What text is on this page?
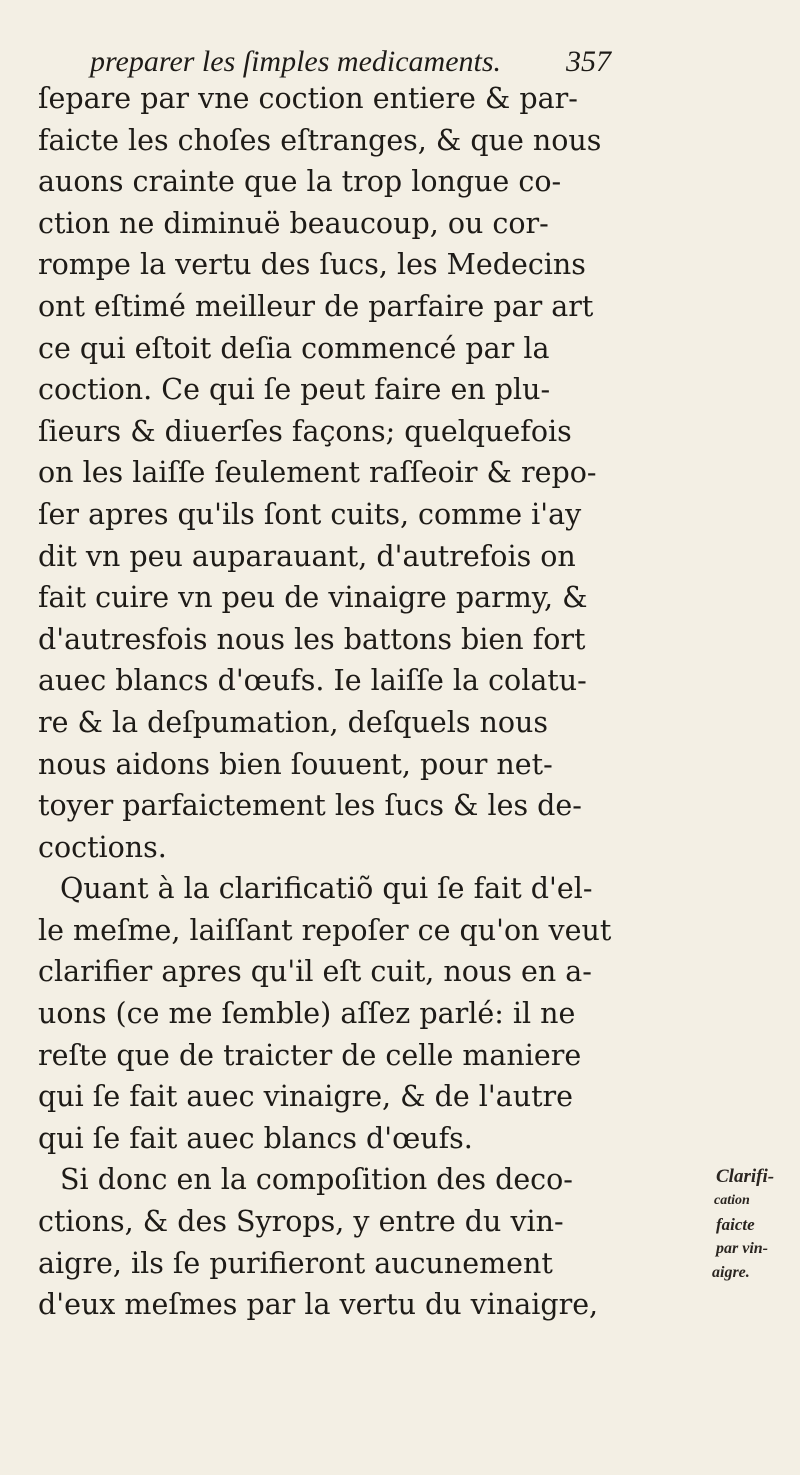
preparer les ſimples medicaments. 357
ſepare par vne coction entiere & par-
faicte les choſes eſtranges, & que nous
auons crainte que la trop longue co-
ction ne diminuë beaucoup, ou cor-
rompe la vertu des ſucs, les Medecins
ont eſtimé meilleur de parfaire par art
ce qui eſtoit deſia commencé par la
coction. Ce qui ſe peut faire en plu-
ſieurs & diuerſes façons; quelquefois
on les laiſſe ſeulement raſſeoir & repo-
ſer apres qu'ils ſont cuits, comme i'ay
dit vn peu auparauant, d'autrefois on
fait cuire vn peu de vinaigre parmy, &
d'autresfois nous les battons bien fort
auec blancs d'œufs. Ie laiſſe la colatu-
re & la deſpumation, deſquels nous
nous aidons bien ſouuent, pour net-
toyer parfaictement les ſucs & les de-
coctions.
Quant à la clarificatiõ qui ſe fait d'el-
le meſme, laiſſant repoſer ce qu'on veut
clarifier apres qu'il eſt cuit, nous en a-
uons (ce me ſemble) aſſez parlé: il ne
reſte que de traicter de celle maniere
qui ſe fait auec vinaigre, & de l'autre
qui ſe fait auec blancs d'œufs.
Si donc en la compoſition des deco-
ctions, & des Syrops, y entre du vin-
aigre, ils ſe purifieront aucunement
d'eux meſmes par la vertu du vinaigre,
Clarifi-
cation
faicte
par vin-
aigre.
